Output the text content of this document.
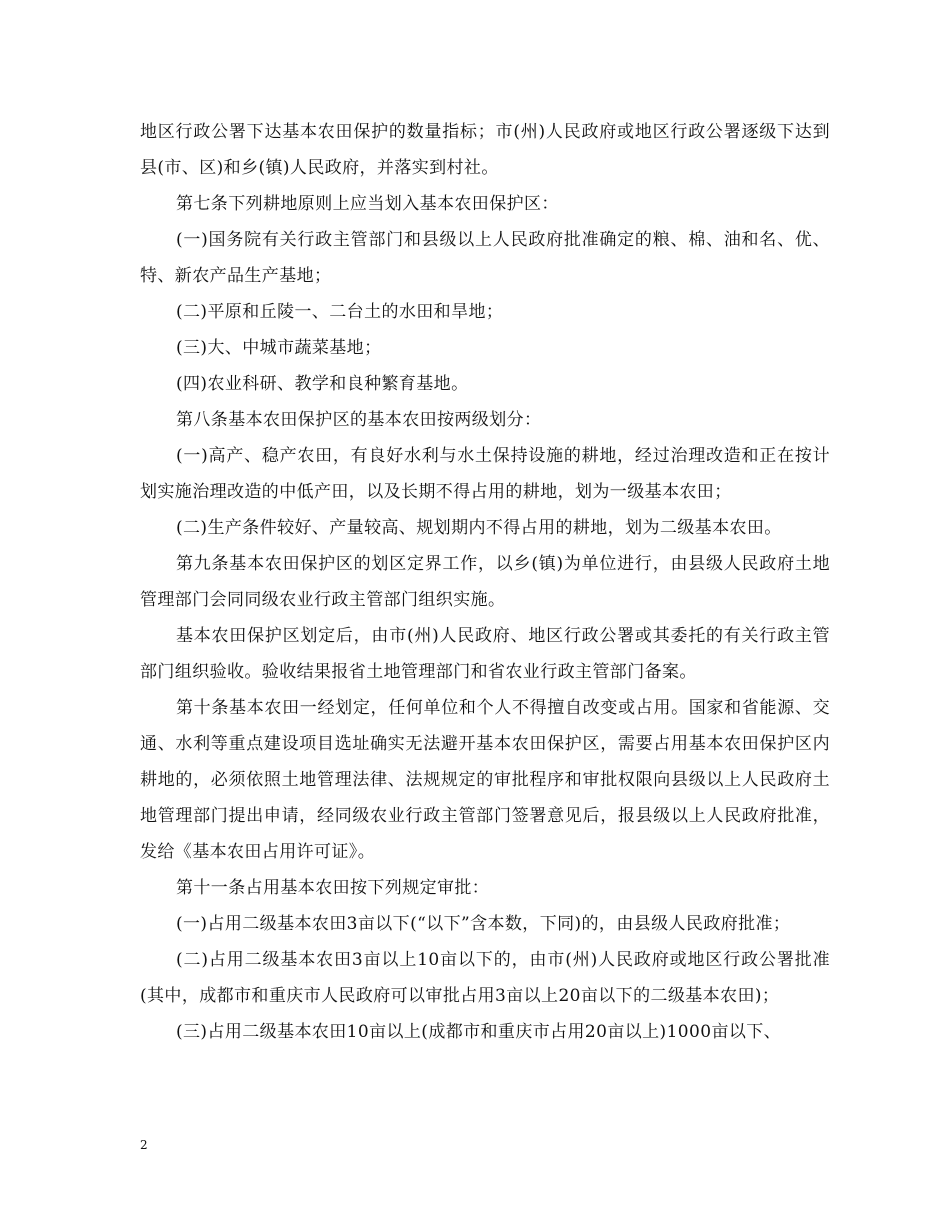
地区行政公署下达基本农田保护的数量指标；市(州)人民政府或地区行政公署逐级下达到县(市、区)和乡(镇)人民政府，并落实到村社。

第七条下列耕地原则上应当划入基本农田保护区：

(一)国务院有关行政主管部门和县级以上人民政府批准确定的粮、棉、油和名、优、特、新农产品生产基地；

(二)平原和丘陵一、二台土的水田和旱地；

(三)大、中城市蔬菜基地；

(四)农业科研、教学和良种繁育基地。

第八条基本农田保护区的基本农田按两级划分：

(一)高产、稳产农田，有良好水利与水土保持设施的耕地，经过治理改造和正在按计划实施治理改造的中低产田，以及长期不得占用的耕地，划为一级基本农田；

(二)生产条件较好、产量较高、规划期内不得占用的耕地，划为二级基本农田。

第九条基本农田保护区的划区定界工作，以乡(镇)为单位进行，由县级人民政府土地管理部门会同同级农业行政主管部门组织实施。

基本农田保护区划定后，由市(州)人民政府、地区行政公署或其委托的有关行政主管部门组织验收。验收结果报省土地管理部门和省农业行政主管部门备案。

第十条基本农田一经划定，任何单位和个人不得擅自改变或占用。国家和省能源、交通、水利等重点建设项目选址确实无法避开基本农田保护区，需要占用基本农田保护区内耕地的，必须依照土地管理法律、法规规定的审批程序和审批权限向县级以上人民政府土地管理部门提出申请，经同级农业行政主管部门签署意见后，报县级以上人民政府批准，发给《基本农田占用许可证》。

第十一条占用基本农田按下列规定审批：

(一)占用二级基本农田3亩以下(“以下”含本数，下同)的，由县级人民政府批准；

(二)占用二级基本农田3亩以上10亩以下的，由市(州)人民政府或地区行政公署批准(其中，成都市和重庆市人民政府可以审批占用3亩以上20亩以下的二级基本农田)；

(三)占用二级基本农田10亩以上(成都市和重庆市占用20亩以上)1000亩以下、

2
